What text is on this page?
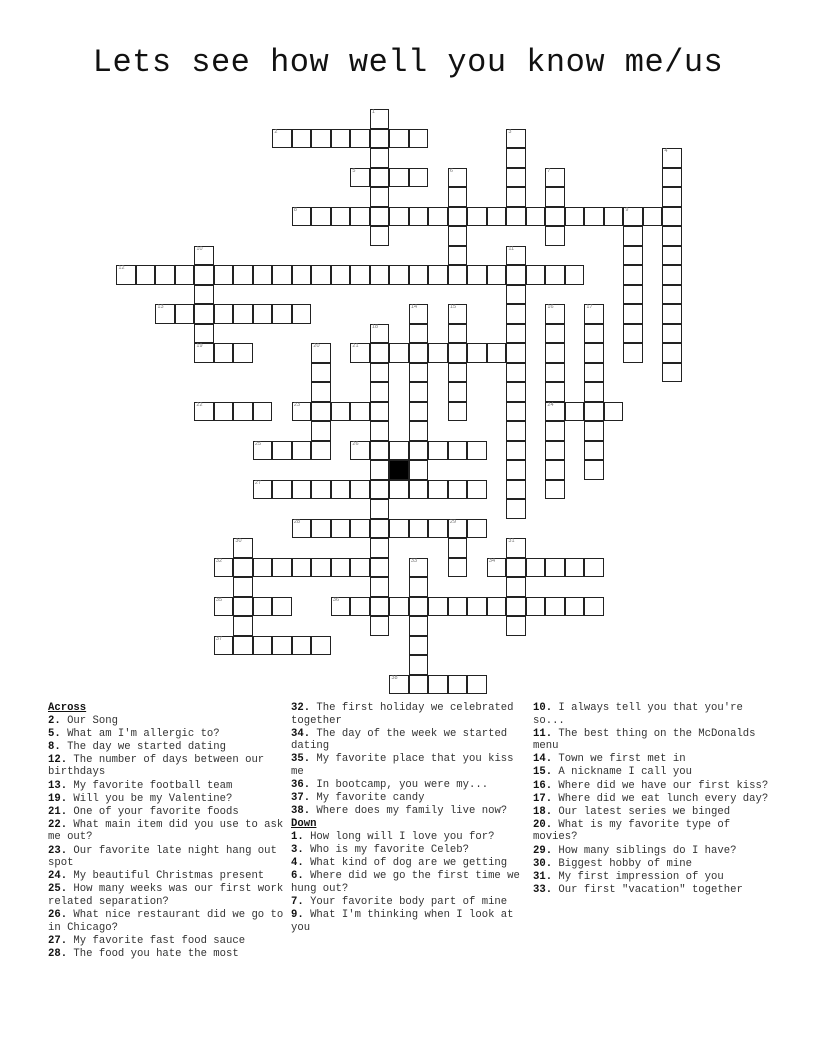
Lets see how well you know me/us
1
2	3
4
5	6	7
8	9
10
19
11
12
13	14	15	16
24
17
18
20	21
22	23
25	26
27
28	29
30	31
32	33	34
35	36
37
38
Across
2. Our Song
5. What am I'm allergic to?
8. The day we started dating
12. The number of days between our birthdays
13. My favorite football team
19. Will you be my Valentine?
21. One of your favorite foods
22. What main item did you use to ask me out?
23. Our favorite late night hang out spot
24. My beautiful Christmas present
25. How many weeks was our first work related separation?
26. What nice restaurant did we go to in Chicago?
27. My favorite fast food sauce
28. The food you hate the most
32. The first holiday we celebrated together
34. The day of the week we started dating
35. My favorite place that you kiss me
36. In bootcamp, you were my...
37. My favorite candy
38. Where does my family live now?
Down
1. How long will I love you for?
3. Who is my favorite Celeb?
4. What kind of dog are we getting
6. Where did we go the first time we hung out?
7. Your favorite body part of mine
9. What I'm thinking when I look at you
10. I always tell you that you're so...
11. The best thing on the McDonalds menu
14. Town we first met in
15. A nickname I call you
16. Where did we have our first kiss?
17. Where did we eat lunch every day?
18. Our latest series we binged
20. What is my favorite type of movies?
29. How many siblings do I have?
30. Biggest hobby of mine
31. My first impression of you
33. Our first "vacation" together
